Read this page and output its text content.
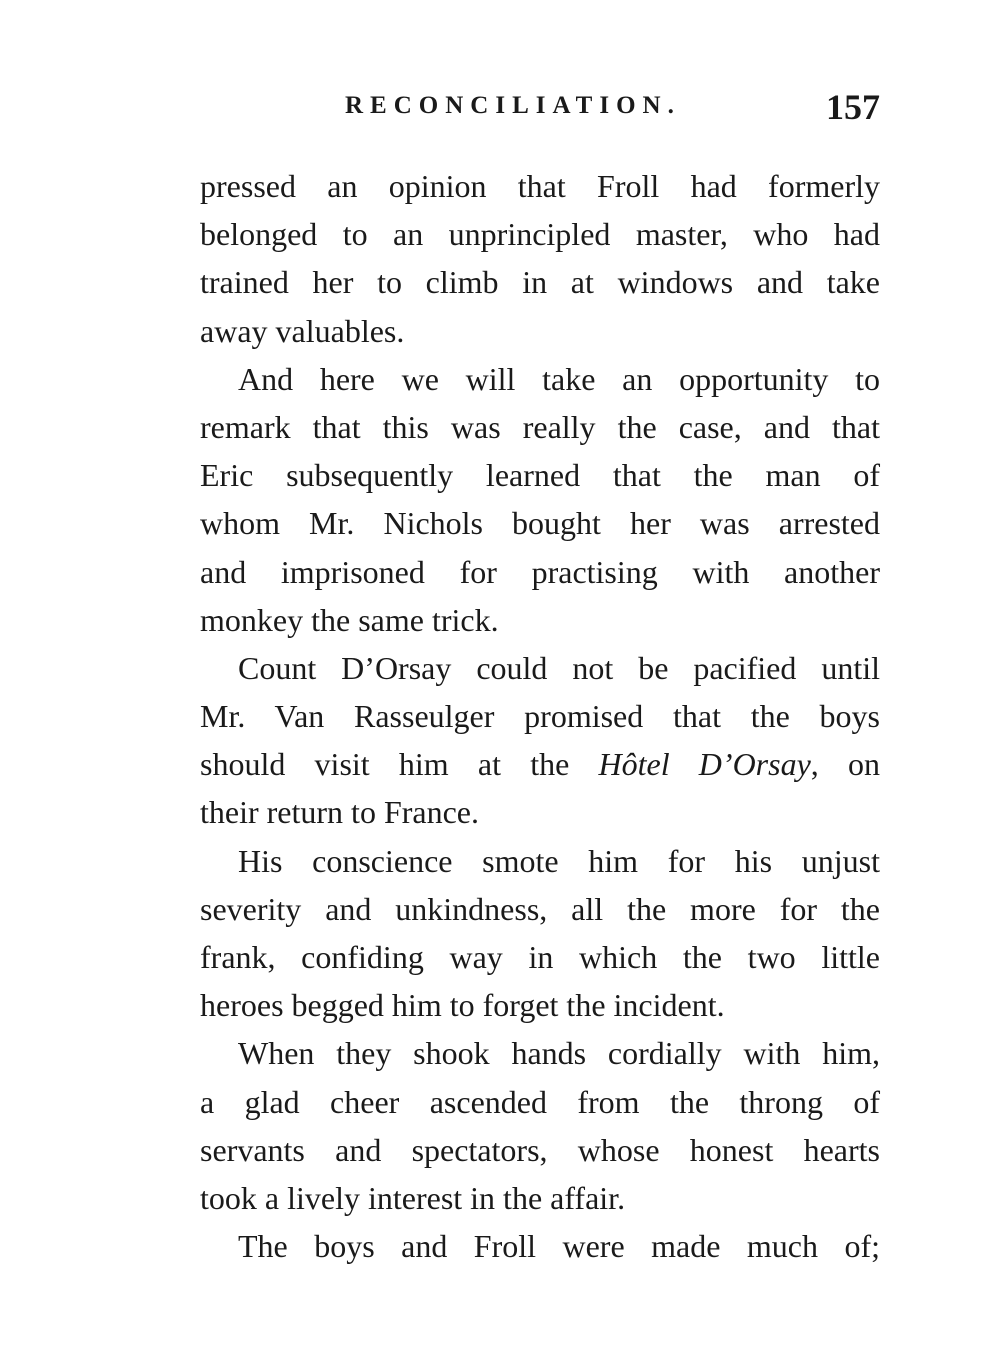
RECONCILIATION.	157
pressed an opinion that Froll had formerly
belonged to an unprincipled master, who had
trained her to climb in at windows and take
away valuables.
And here we will take an opportunity to
remark that this was really the case, and that
Eric subsequently learned that the man of
whom Mr. Nichols bought her was arrested
and imprisoned for practising with another
monkey the same trick.
Count D’Orsay could not be pacified until
Mr. Van Rasseulger promised that the boys
should visit him at the Hôtel D’Orsay, on
their return to France.
His conscience smote him for his unjust
severity and unkindness, all the more for the
frank, confiding way in which the two little
heroes begged him to forget the incident.
When they shook hands cordially with him,
a glad cheer ascended from the throng of
servants and spectators, whose honest hearts
took a lively interest in the affair.
The boys and Froll were made much of;
